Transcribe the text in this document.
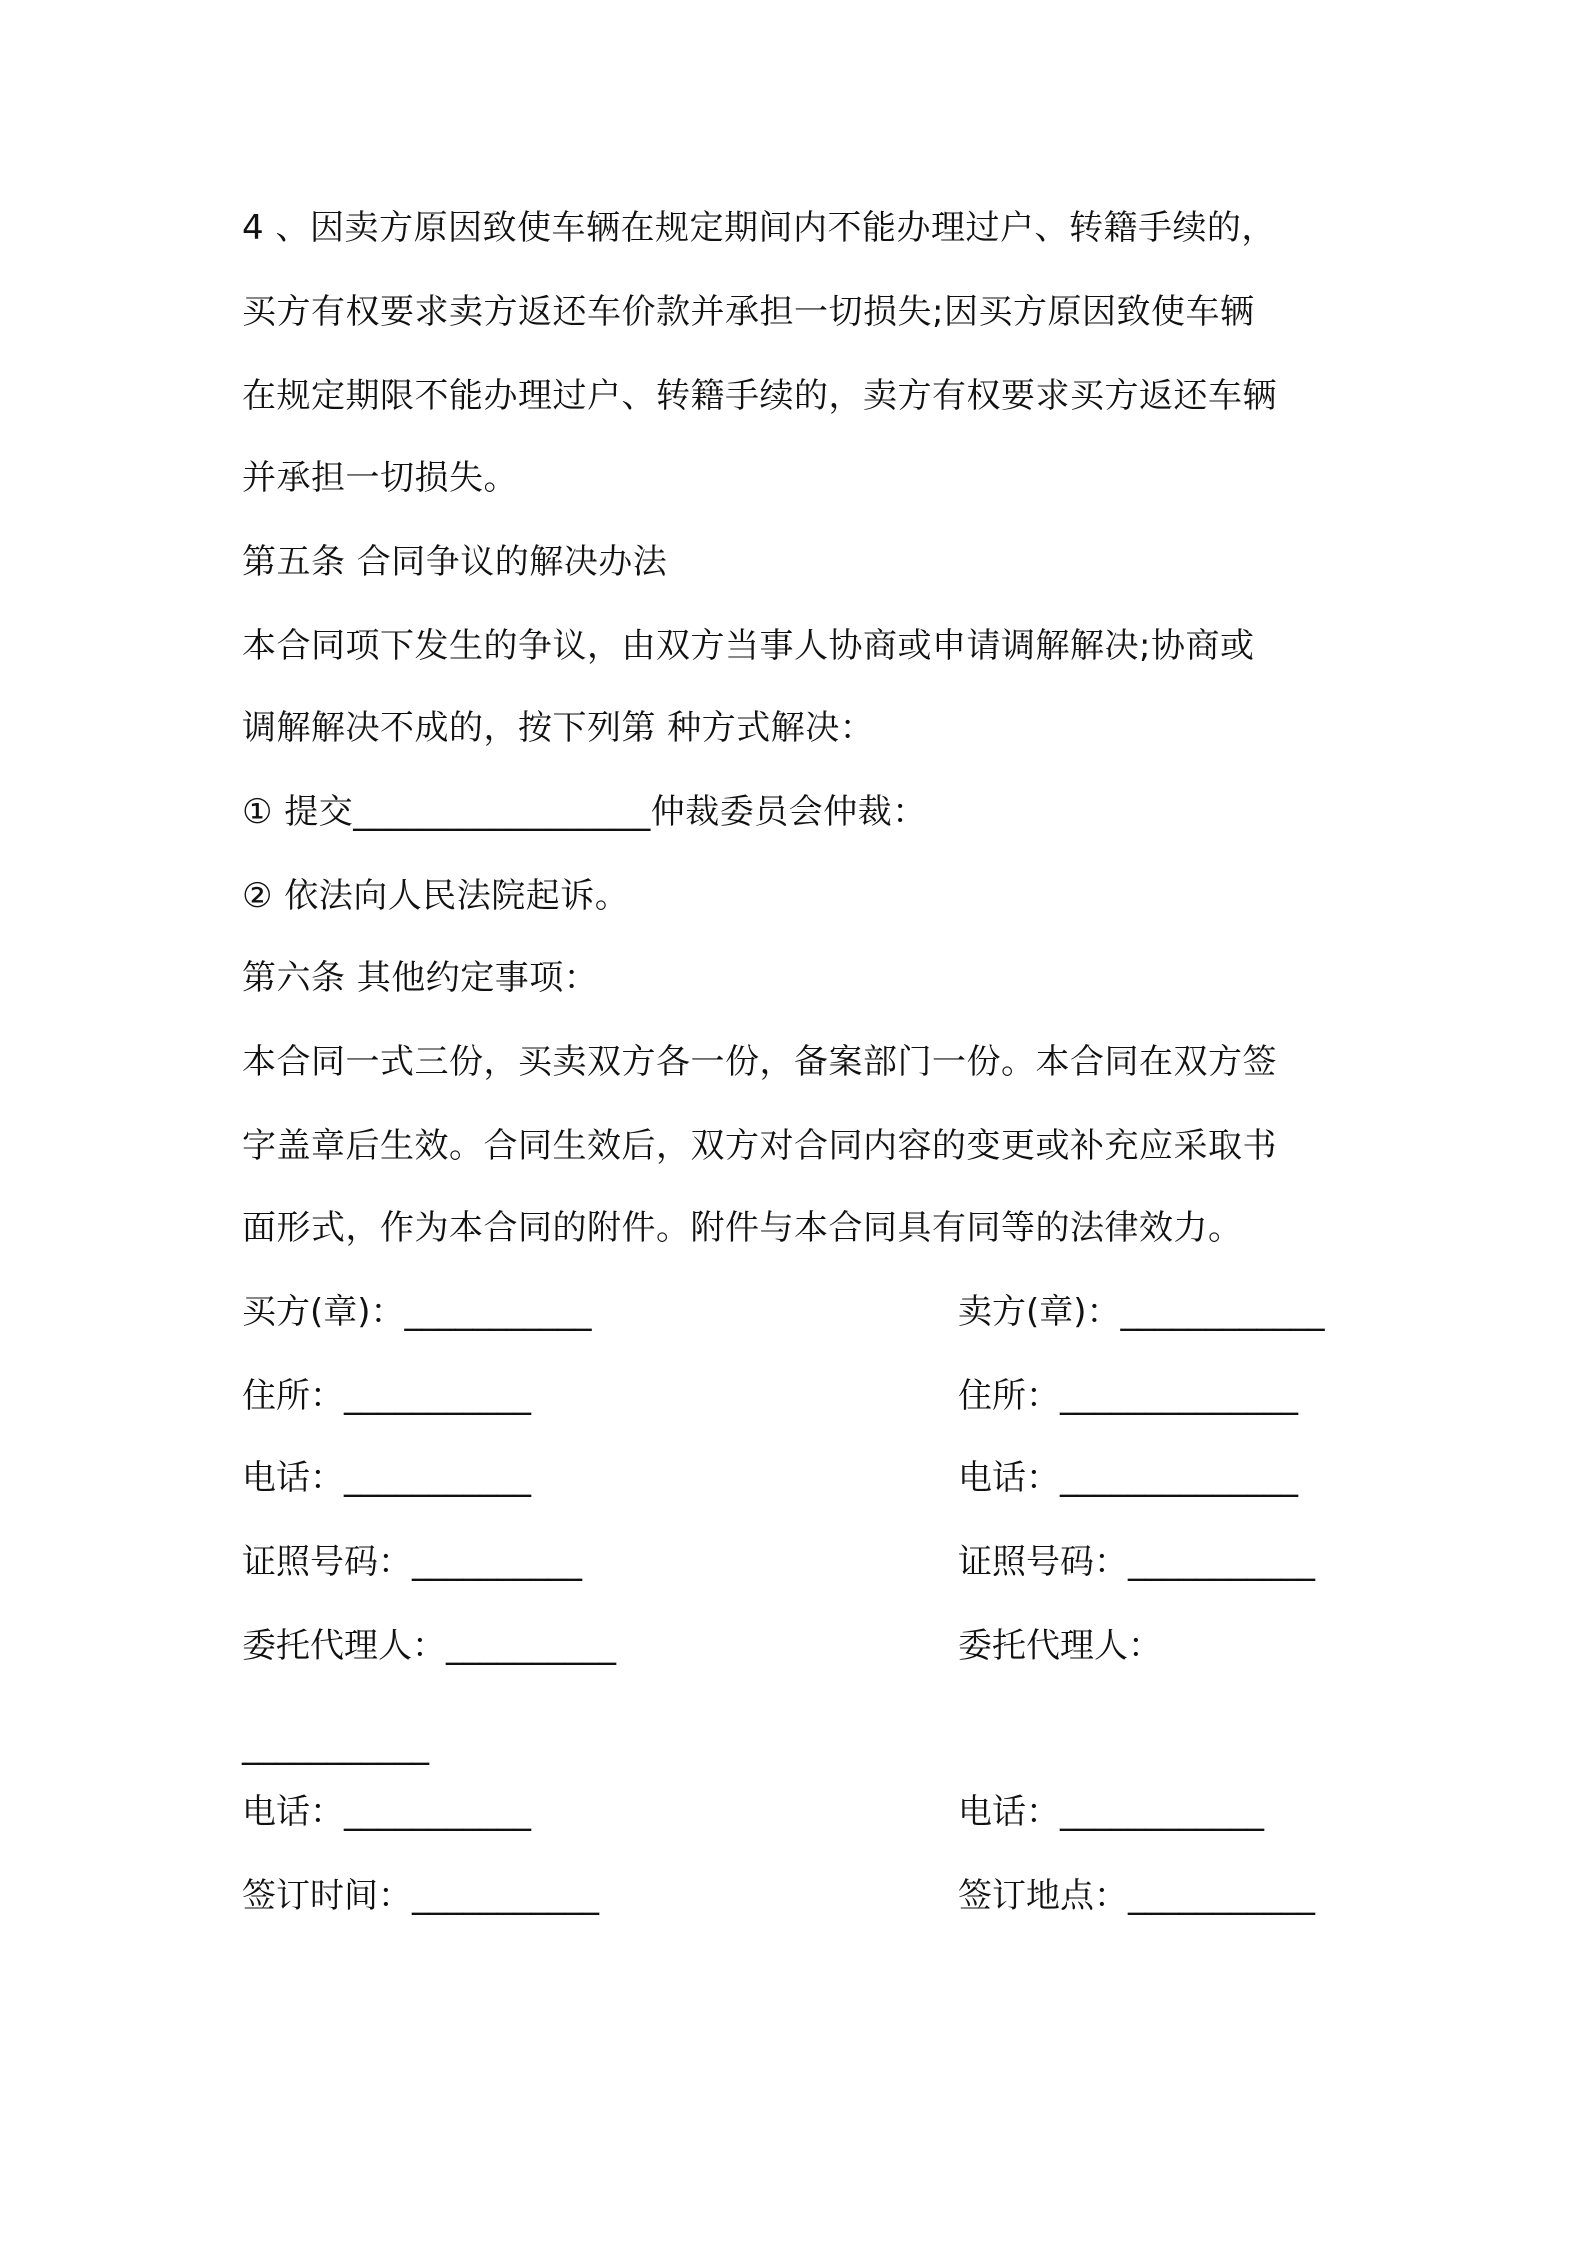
4 、因卖方原因致使车辆在规定期间内不能办理过户、转籍手续的，
买方有权要求卖方返还车价款并承担一切损失;因买方原因致使车辆
在规定期限不能办理过户、转籍手续的，卖方有权要求买方返还车辆
并承担一切损失。
第五条 合同争议的解决办法
本合同项下发生的争议，由双方当事人协商或申请调解解决;协商或
调解解决不成的，按下列第 种方式解决：
① 提交_________________仲裁委员会仲裁：
② 依法向人民法院起诉。
第六条 其他约定事项：
本合同一式三份，买卖双方各一份，备案部门一份。本合同在双方签
字盖章后生效。合同生效后，双方对合同内容的变更或补充应采取书
面形式，作为本合同的附件。附件与本合同具有同等的法律效力。
买方(章)：___________
住所：___________
电话：___________
证照号码：__________
委托代理人：__________
___________
电话：___________
签订时间：___________
卖方(章)：____________
住所：______________
电话：______________
证照号码：___________
委托代理人：
电话：____________
签订地点：___________
